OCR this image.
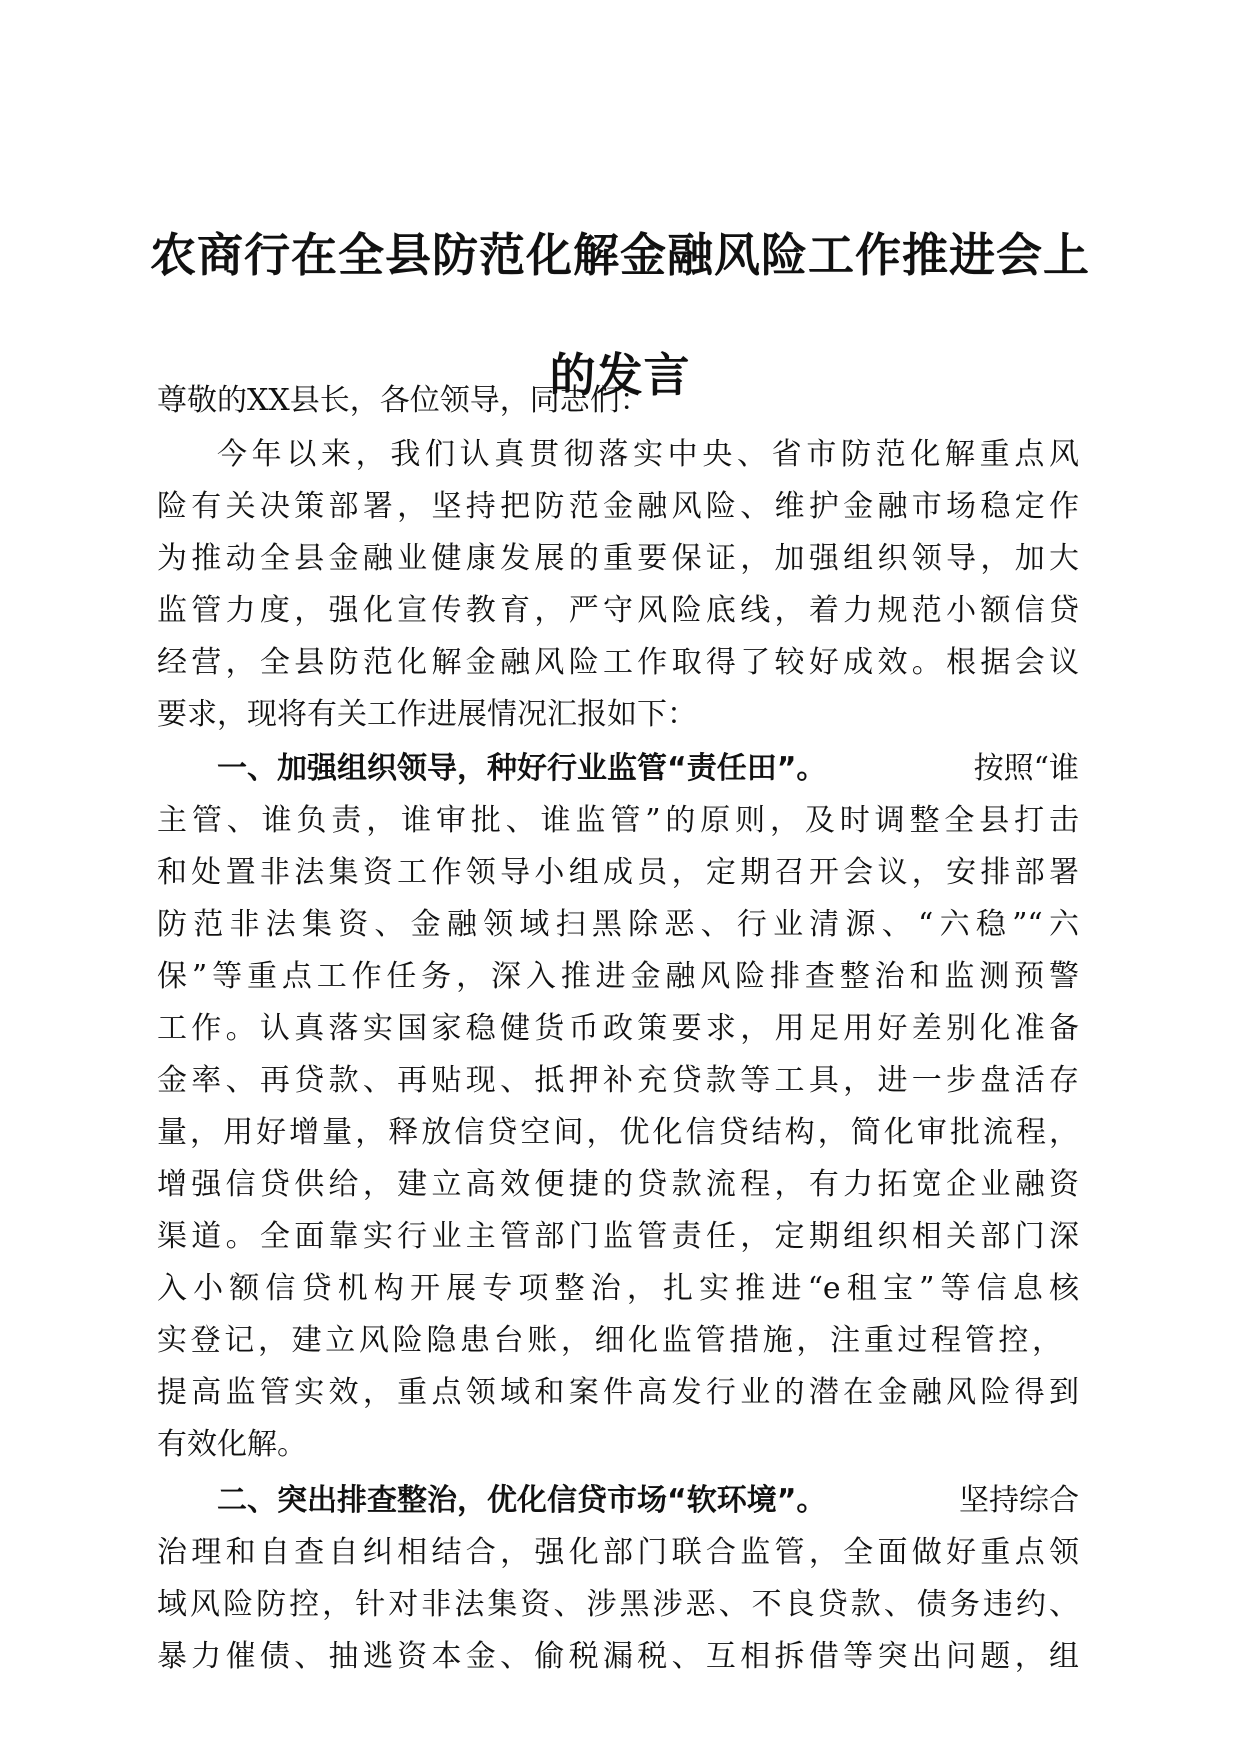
农商行在全县防范化解金融风险工作推进会上
的发言
尊敬的XX县长，各位领导，同志们：
今年以来，我们认真贯彻落实中央、省市防范化解重点风
险有关决策部署，坚持把防范金融风险、维护金融市场稳定作
为推动全县金融业健康发展的重要保证，加强组织领导，加大
监管力度，强化宣传教育，严守风险底线，着力规范小额信贷
经营，全县防范化解金融风险工作取得了较好成效。根据会议
要求，现将有关工作进展情况汇报如下：
一、加强组织领导，种好行业监管“责任田”。	按照“谁
主管、谁负责，谁审批、谁监管”的原则，及时调整全县打击
和处置非法集资工作领导小组成员，定期召开会议，安排部署
防范非法集资、金融领域扫黑除恶、行业清源、“六稳”“六
保”等重点工作任务，深入推进金融风险排查整治和监测预警
工作。认真落实国家稳健货币政策要求，用足用好差别化准备
金率、再贷款、再贴现、抵押补充贷款等工具，进一步盘活存
量，用好增量，释放信贷空间，优化信贷结构，简化审批流程，
增强信贷供给，建立高效便捷的贷款流程，有力拓宽企业融资
渠道。全面靠实行业主管部门监管责任，定期组织相关部门深
入小额信贷机构开展专项整治，扎实推进“e租宝”等信息核
实登记，建立风险隐患台账，细化监管措施，注重过程管控，
提高监管实效，重点领域和案件高发行业的潜在金融风险得到
有效化解。
二、突出排查整治，优化信贷市场“软环境”。	坚持综合
治理和自查自纠相结合，强化部门联合监管，全面做好重点领
域风险防控，针对非法集资、涉黑涉恶、不良贷款、债务违约、
暴力催债、抽逃资本金、偷税漏税、互相拆借等突出问题，组
